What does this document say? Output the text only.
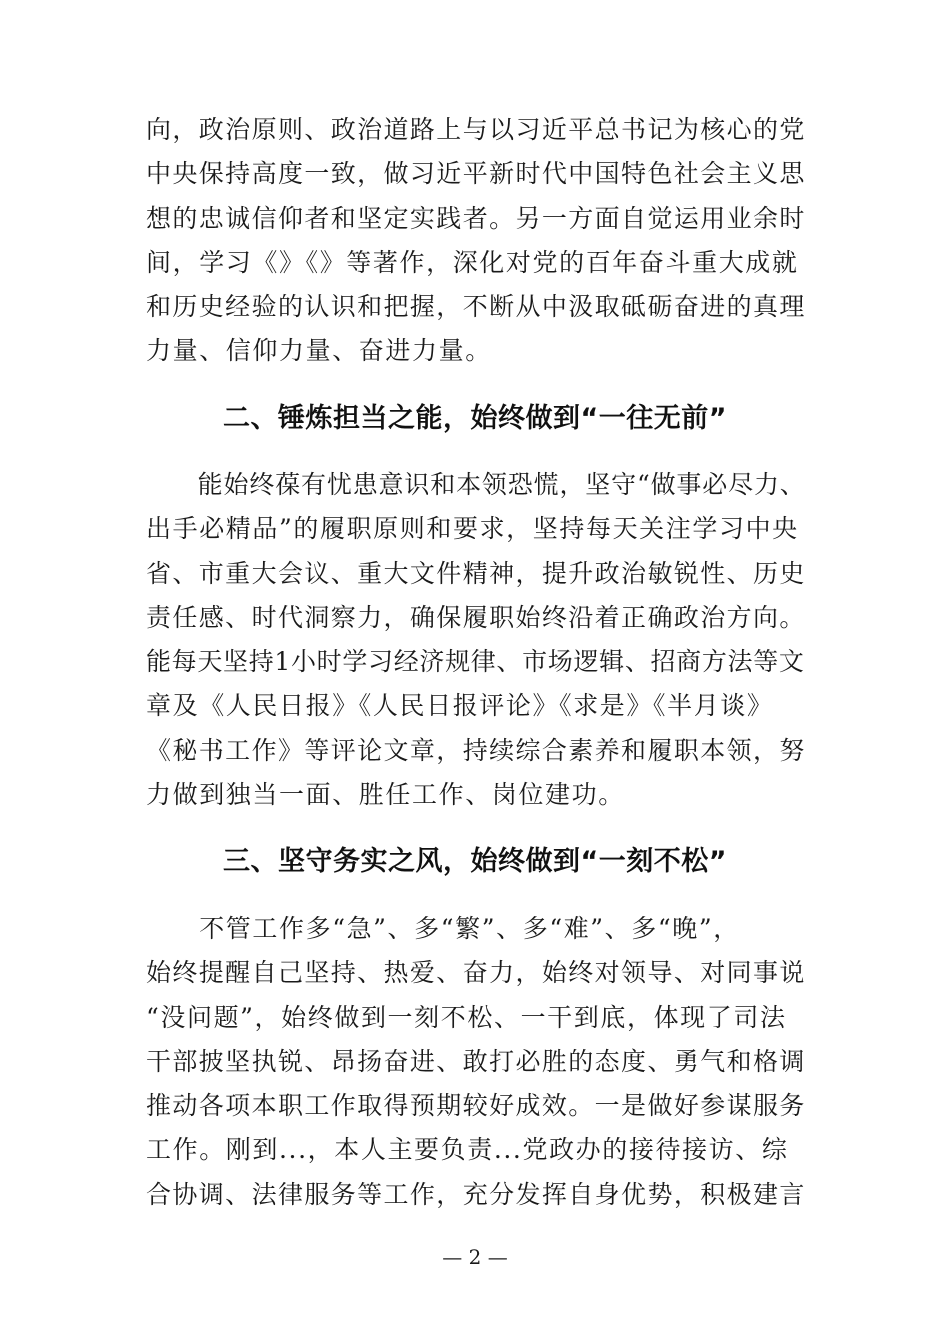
向，政治原则、政治道路上与以习近平总书记为核心的党
中央保持高度一致，做习近平新时代中国特色社会主义思
想的忠诚信仰者和坚定实践者。另一方面自觉运用业余时
间，学习《》《》等著作，深化对党的百年奋斗重大成就
和历史经验的认识和把握，不断从中汲取砥砺奋进的真理
力量、信仰力量、奋进力量。
二、锤炼担当之能，始终做到“一往无前”
　　能始终葆有忧患意识和本领恐慌，坚守“做事必尽力、
出手必精品”的履职原则和要求，坚持每天关注学习中央
省、市重大会议、重大文件精神，提升政治敏锐性、历史
责任感、时代洞察力，确保履职始终沿着正确政治方向。
能每天坚持1小时学习经济规律、市场逻辑、招商方法等文
章及《人民日报》《人民日报评论》《求是》《半月谈》
《秘书工作》等评论文章，持续综合素养和履职本领，努
力做到独当一面、胜任工作、岗位建功。
三、坚守务实之风，始终做到“一刻不松”
　　不管工作多“急”、多“繁”、多“难”、多“晚”，
始终提醒自己坚持、热爱、奋力，始终对领导、对同事说
“没问题”，始终做到一刻不松、一干到底，体现了司法
干部披坚执锐、昂扬奋进、敢打必胜的态度、勇气和格调
推动各项本职工作取得预期较好成效。一是做好参谋服务
工作。刚到...，本人主要负责...党政办的接待接访、综
合协调、法律服务等工作，充分发挥自身优势，积极建言
— 2 —
